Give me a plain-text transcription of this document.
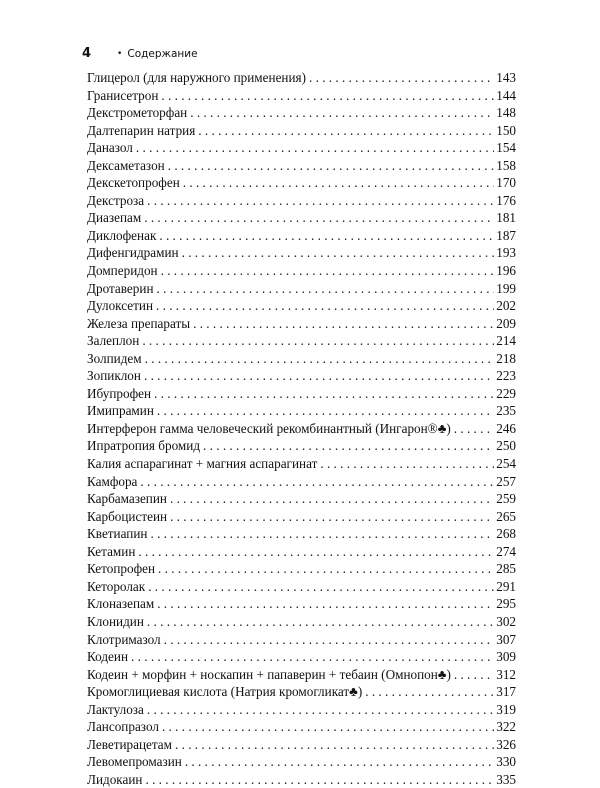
4	• Содержание
Глицерол (для наружного применения) . . .	143
Гранисетрон . . .	144
Декстрометорфан . . .	148
Далтепарин натрия . . .	150
Даназол . . .	154
Дексаметазон . . .	158
Декскетопрофен . . .	170
Декстроза . . .	176
Диазепам . . .	181
Диклофенак . . .	187
Дифенгидрамин . . .	193
Домперидон . . .	196
Дротаверин . . .	199
Дулоксетин . . .	202
Железа препараты . . .	209
Залеплон . . .	214
Золпидем . . .	218
Зопиклон . . .	223
Ибупрофен . . .	229
Имипрамин . . .	235
Интерферон гамма человеческий рекомбинантный (Ингарон®♣) . . .	246
Ипратропия бромид . . .	250
Калия аспарагинат + магния аспарагинат . . .	254
Камфора . . .	257
Карбамазепин . . .	259
Карбоцистеин . . .	265
Кветиапин . . .	268
Кетамин . . .	274
Кетопрофен . . .	285
Кеторолак . . .	291
Клоназепам . . .	295
Клонидин . . .	302
Клотримазол . . .	307
Кодеин . . .	309
Кодеин + морфин + носкапин + папаверин + тебаин (Омнопон♣) . . .	312
Кромоглициевая кислота (Натрия кромогликат♣) . . .	317
Лактулоза . . .	319
Лансопразол . . .	322
Леветирацетам . . .	326
Левомепромазин . . .	330
Лидокаин . . .	335
